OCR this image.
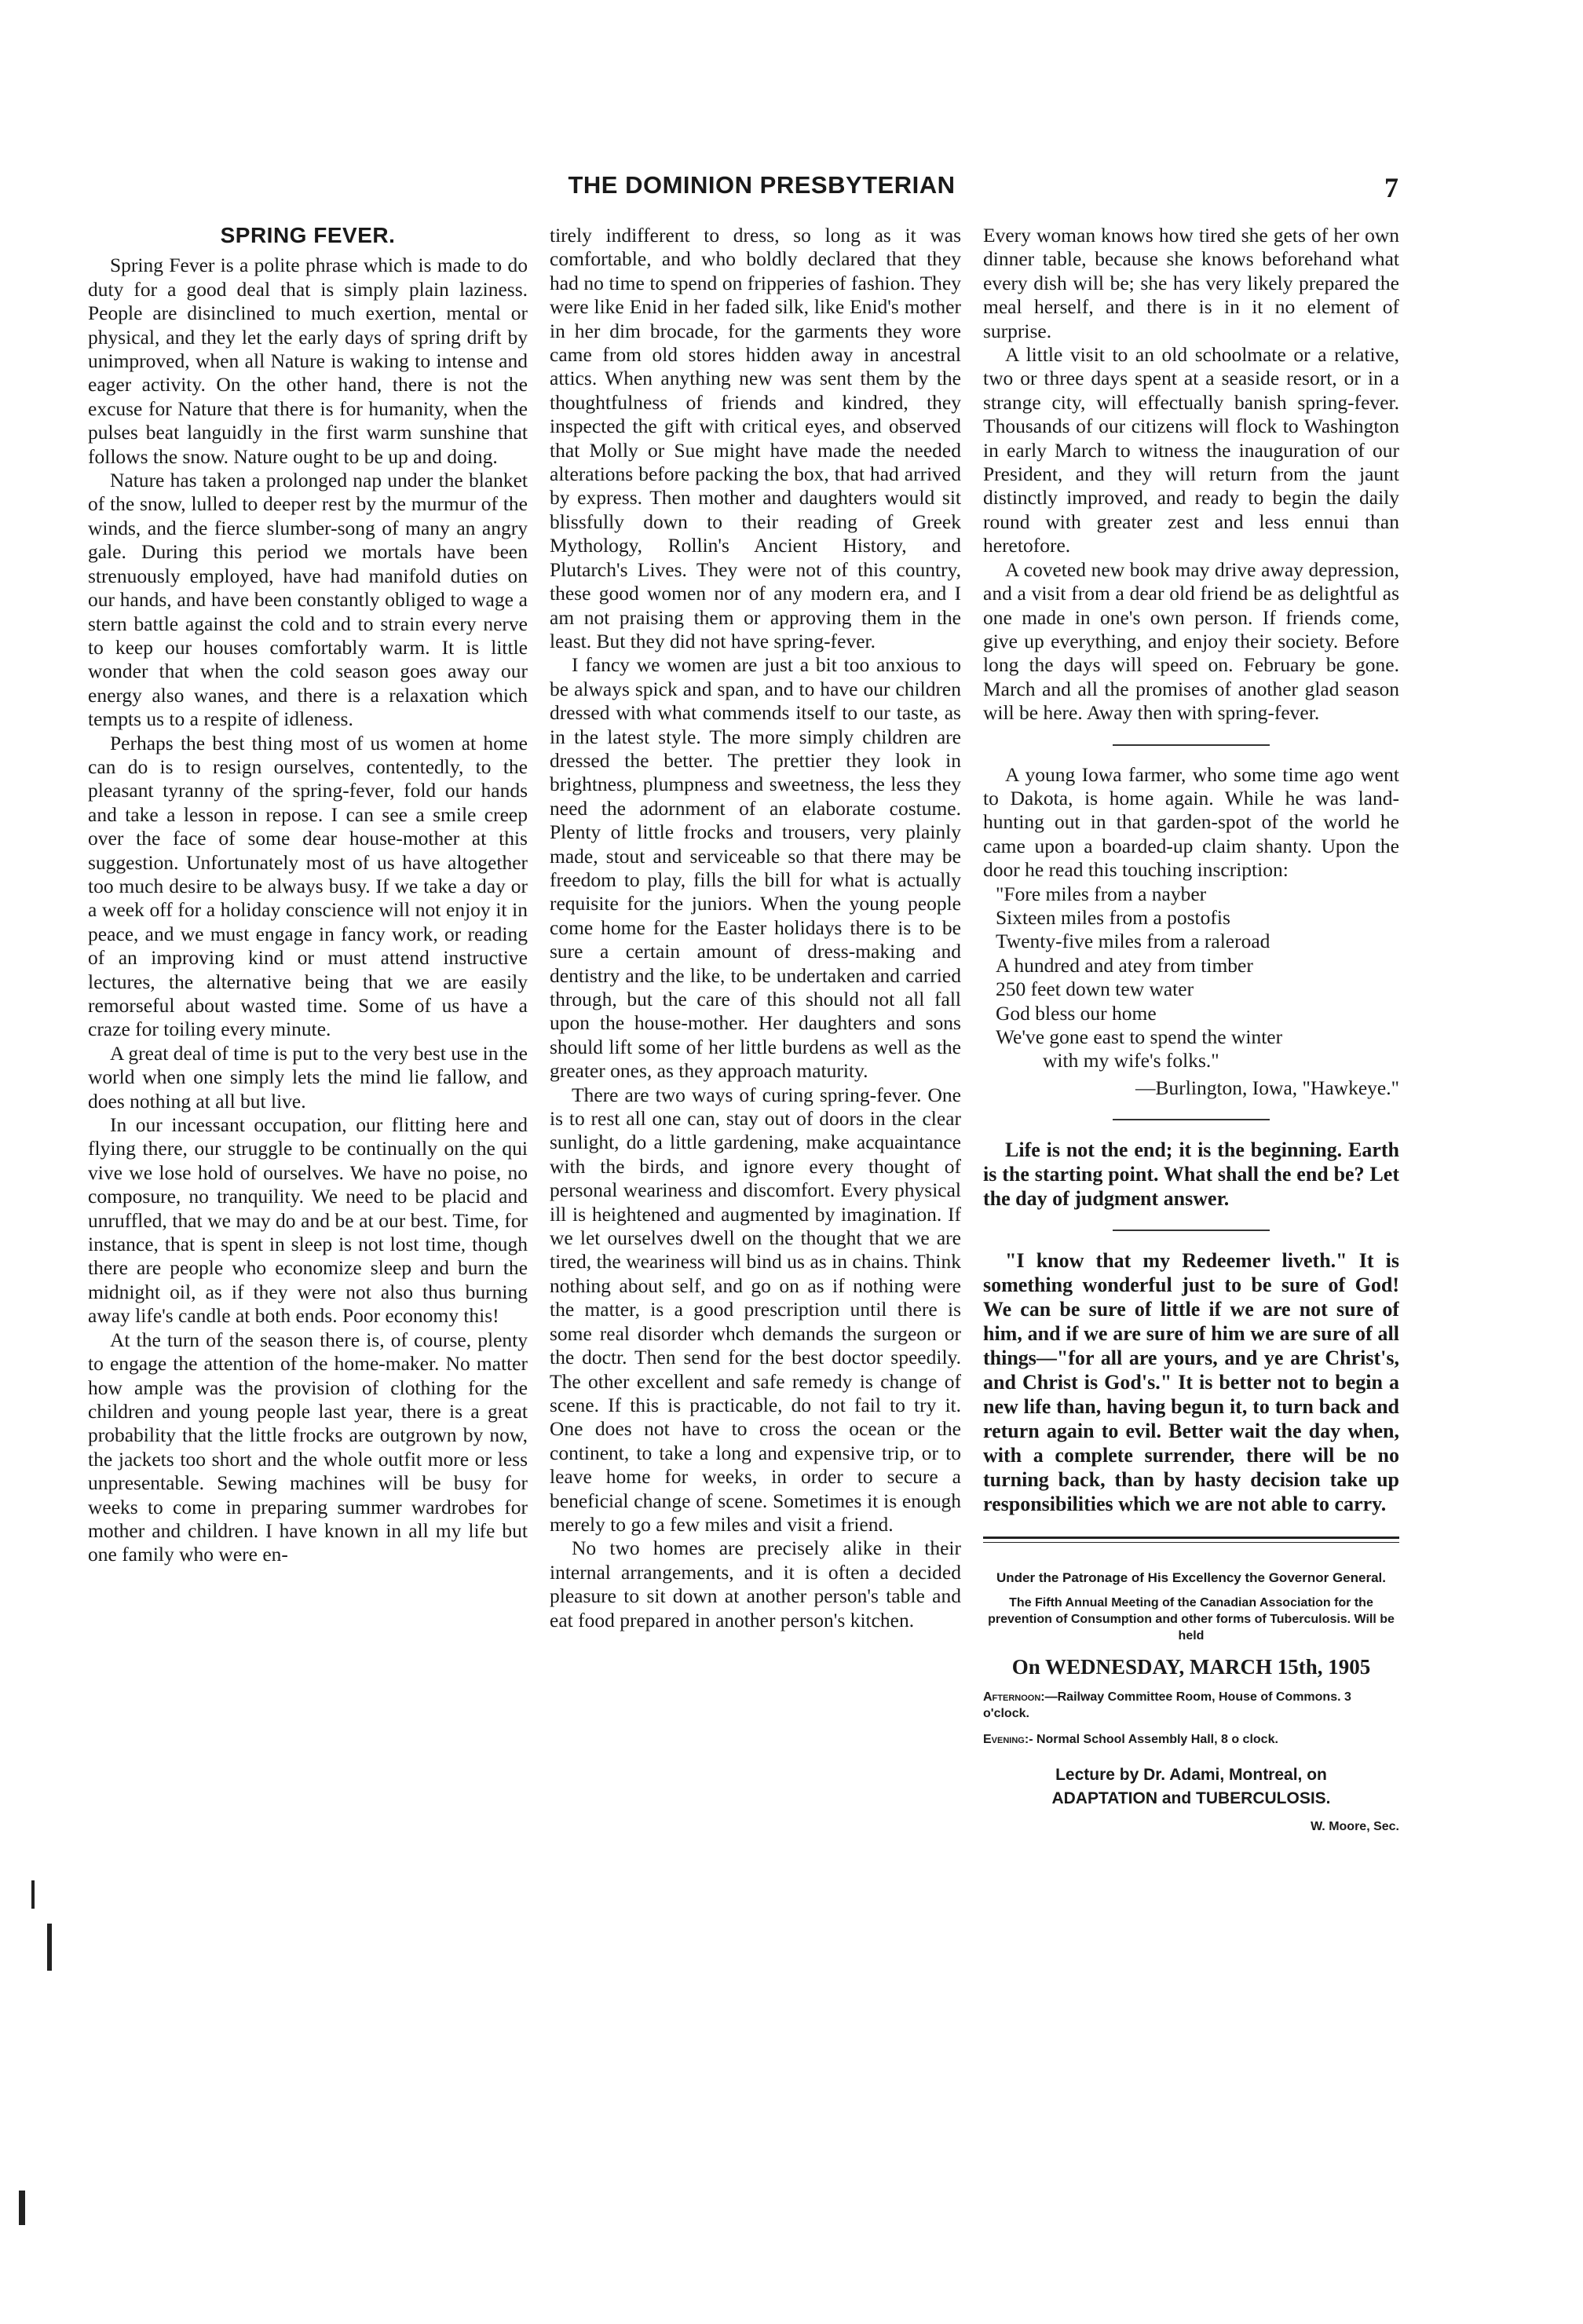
THE DOMINION PRESBYTERIAN	7
SPRING FEVER.

Spring Fever is a polite phrase which is made to do duty for a good deal that is simply plain laziness. People are disinclined to much exertion, mental or physical, and they let the early days of spring drift by unimproved, when all Nature is waking to intense and eager activity. On the other hand, there is not the excuse for Nature that there is for humanity, when the pulses beat languidly in the first warm sunshine that follows the snow. Nature ought to be up and doing.

Nature has taken a prolonged nap under the blanket of the snow, lulled to deeper rest by the murmur of the winds, and the fierce slumber-song of many an angry gale. During this period we mortals have been strenuously employed, have had manifold duties on our hands, and have been constantly obliged to wage a stern battle against the cold and to strain every nerve to keep our houses comfortably warm. It is little wonder that when the cold season goes away our energy also wanes, and there is a relaxation which tempts us to a respite of idleness.

Perhaps the best thing most of us women at home can do is to resign ourselves, contentedly, to the pleasant tyranny of the spring-fever, fold our hands and take a lesson in repose. I can see a smile creep over the face of some dear house-mother at this suggestion. Unfortunately most of us have altogether too much desire to be always busy. If we take a day or a week off for a holiday conscience will not enjoy it in peace, and we must engage in fancy work, or reading of an improving kind or must attend instructive lectures, the alternative being that we are easily remorseful about wasted time. Some of us have a craze for toiling every minute.

A great deal of time is put to the very best use in the world when one simply lets the mind lie fallow, and does nothing at all but live.

In our incessant occupation, our flitting here and flying there, our struggle to be continually on the qui vive we lose hold of ourselves. We have no poise, no composure, no tranquility. We need to be placid and unruffled, that we may do and be at our best. Time, for instance, that is spent in sleep is not lost time, though there are people who economize sleep and burn the midnight oil, as if they were not also thus burning away life's candle at both ends. Poor economy this!

At the turn of the season there is, of course, plenty to engage the attention of the home-maker. No matter how ample was the provision of clothing for the children and young people last year, there is a great probability that the little frocks are outgrown by now, the jackets too short and the whole outfit more or less unpresentable. Sewing machines will be busy for weeks to come in preparing summer wardrobes for mother and children. I have known in all my life but one family who were en-

tirely indifferent to dress, so long as it was comfortable, and who boldly declared that they had no time to spend on fripperies of fashion. They were like Enid in her faded silk, like Enid's mother in her dim brocade, for the garments they wore came from old stores hidden away in ancestral attics. When anything new was sent them by the thoughtfulness of friends and kindred, they inspected the gift with critical eyes, and observed that Molly or Sue might have made the needed alterations before packing the box, that had arrived by express. Then mother and daughters would sit blissfully down to their reading of Greek Mythology, Rollin's Ancient History, and Plutarch's Lives. They were not of this country, these good women nor of any modern era, and I am not praising them or approving them in the least. But they did not have spring-fever.

I fancy we women are just a bit too anxious to be always spick and span, and to have our children dressed with what commends itself to our taste, as in the latest style. The more simply children are dressed the better. The prettier they look in brightness, plumpness and sweetness, the less they need the adornment of an elaborate costume. Plenty of little frocks and trousers, very plainly made, stout and serviceable so that there may be freedom to play, fills the bill for what is actually requisite for the juniors. When the young people come home for the Easter holidays there is to be sure a certain amount of dress-making and dentistry and the like, to be undertaken and carried through, but the care of this should not all fall upon the house-mother. Her daughters and sons should lift some of her little burdens as well as the greater ones, as they approach maturity.

There are two ways of curing spring-fever. One is to rest all one can, stay out of doors in the clear sunlight, do a little gardening, make acquaintance with the birds, and ignore every thought of personal weariness and discomfort. Every physical ill is heightened and augmented by imagination. If we let ourselves dwell on the thought that we are tired, the weariness will bind us as in chains. Think nothing about self, and go on as if nothing were the matter, is a good prescription until there is some real disorder whch demands the surgeon or the doctr. Then send for the best doctor speedily. The other excellent and safe remedy is change of scene. If this is practicable, do not fail to try it. One does not have to cross the ocean or the continent, to take a long and expensive trip, or to leave home for weeks, in order to secure a beneficial change of scene. Sometimes it is enough merely to go a few miles and visit a friend.

No two homes are precisely alike in their internal arrangements, and it is often a decided pleasure to sit down at another person's table and eat food prepared in another person's kitchen.

Every woman knows how tired she gets of her own dinner table, because she knows beforehand what every dish will be; she has very likely prepared the meal herself, and there is in it no element of surprise.

A little visit to an old schoolmate or a relative, two or three days spent at a seaside resort, or in a strange city, will effectually banish spring-fever. Thousands of our citizens will flock to Washington in early March to witness the inauguration of our President, and they will return from the jaunt distinctly improved, and ready to begin the daily round with greater zest and less ennui than heretofore.

A coveted new book may drive away depression, and a visit from a dear old friend be as delightful as one made in one's own person. If friends come, give up everything, and enjoy their society. Before long the days will speed on. February be gone. March and all the promises of another glad season will be here. Away then with spring-fever.

A young Iowa farmer, who some time ago went to Dakota, is home again. While he was land-hunting out in that garden-spot of the world he came upon a boarded-up claim shanty. Upon the door he read this touching inscription:

"Fore miles from a nayber
Sixteen miles from a postofis
Twenty-five miles from a raleroad
A hundred and atey from timber
250 feet down tew water
God bless our home
We've gone east to spend the winter
with my wife's folks."
—Burlington, Iowa, "Hawkeye."

Life is not the end; it is the beginning. Earth is the starting point. What shall the end be? Let the day of judgment answer.

"I know that my Redeemer liveth." It is something wonderful just to be sure of God! We can be sure of little if we are not sure of him, and if we are sure of him we are sure of all things—"for all are yours, and ye are Christ's, and Christ is God's." It is better not to begin a new life than, having begun it, to turn back and return again to evil. Better wait the day when, with a complete surrender, there will be no turning back, than by hasty decision take up responsibilities which we are not able to carry.

Under the Patronage of His Excellency the Governor General.
The Fifth Annual Meeting of the Canadian Association for the prevention of Consumption and other forms of Tuberculosis. Will be held
On WEDNESDAY, MARCH 15th, 1905
Afternoon:—Railway Committee Room, House of Commons. 3 o'clock.
Evening:- Normal School Assembly Hall, 8 o clock.
Lecture by Dr. Adami, Montreal, on
ADAPTATION and TUBERCULOSIS.
W. Moore, Sec.
